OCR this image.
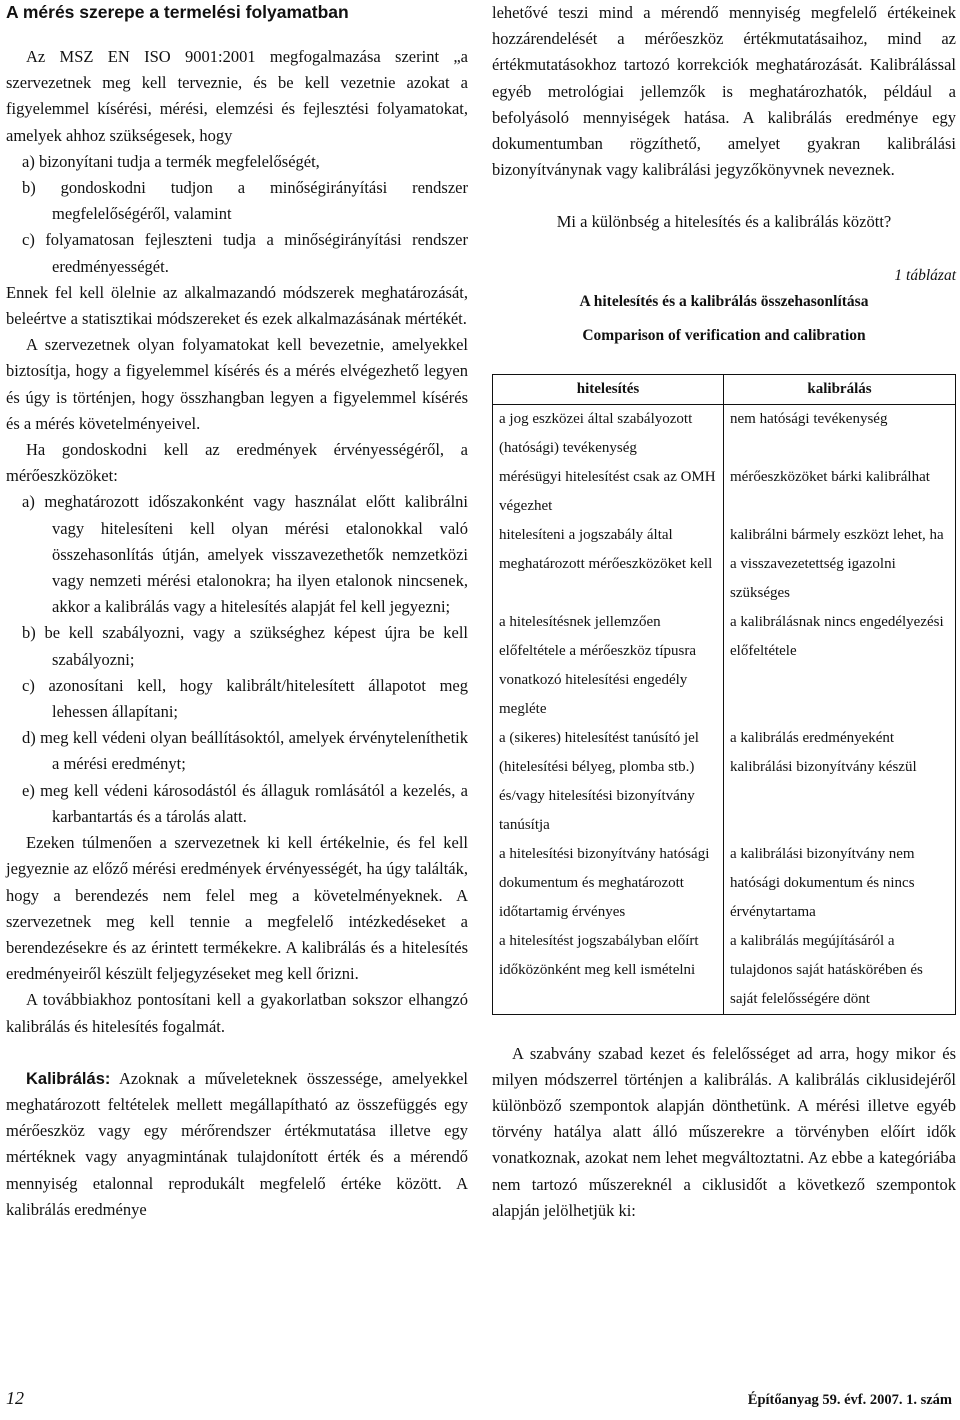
A mérés szerepe a termelési folyamatban

Az MSZ EN ISO 9001:2001 megfogalmazása szerint „a szervezetnek meg kell terveznie, és be kell vezetnie azokat a figyelemmel kísérési, mérési, elemzési és fejlesztési folyamatokat, amelyek ahhoz szükségesek, hogy

a) bizonyítani tudja a termék megfelelőségét,

b) gondoskodni tudjon a minőségirányítási rendszer megfelelőségéről, valamint

c) folyamatosan fejleszteni tudja a minőségirányítási rendszer eredményességét.

Ennek fel kell ölelnie az alkalmazandó módszerek meghatározását, beleértve a statisztikai módszereket és ezek alkalmazásának mértékét.

A szervezetnek olyan folyamatokat kell bevezetnie, amelyekkel biztosítja, hogy a figyelemmel kísérés és a mérés elvégezhető legyen és úgy is történjen, hogy összhangban legyen a figyelemmel kísérés és a mérés követelményeivel.

Ha gondoskodni kell az eredmények érvényességéről, a mérőeszközöket:

a) meghatározott időszakonként vagy használat előtt kalibrálni vagy hitelesíteni kell olyan mérési etalonokkal való összehasonlítás útján, amelyek visszavezethetők nemzetközi vagy nemzeti mérési etalonokra; ha ilyen etalonok nincsenek, akkor a kalibrálás vagy a hitelesítés alapját fel kell jegyezni;

b) be kell szabályozni, vagy a szükséghez képest újra be kell szabályozni;

c) azonosítani kell, hogy kalibrált/hitelesített állapotot meg lehessen állapítani;

d) meg kell védeni olyan beállításoktól, amelyek érvényteleníthetik a mérési eredményt;

e) meg kell védeni károsodástól és állaguk romlásától a kezelés, a karbantartás és a tárolás alatt.

Ezeken túlmenően a szervezetnek ki kell értékelnie, és fel kell jegyeznie az előző mérési eredmények érvényességét, ha úgy találták, hogy a berendezés nem felel meg a követelményeknek. A szervezetnek meg kell tennie a megfelelő intézkedéseket a berendezésekre és az érintett termékekre. A kalibrálás és a hitelesítés eredményeiről készült feljegyzéseket meg kell őrizni.

A továbbiakhoz pontosítani kell a gyakorlatban sokszor elhangzó kalibrálás és hitelesítés fogalmát.

Kalibrálás: Azoknak a műveleteknek összessége, amelyekkel meghatározott feltételek mellett megállapítható az összefüggés egy mérőeszköz vagy egy mérőrendszer értékmutatása illetve egy mértéknek vagy anyagmintának tulajdonított érték és a mérendő mennyiség etalonnal reprodukált megfelelő értéke között. A kalibrálás eredménye

lehetővé teszi mind a mérendő mennyiség megfelelő értékeinek hozzárendelését a mérőeszköz értékmutatásaihoz, mind az értékmutatásokhoz tartozó korrekciók meghatározását. Kalibrálással egyéb metrológiai jellemzők is meghatározhatók, például a befolyásoló mennyiségek hatása. A kalibrálás eredménye egy dokumentumban rögzíthető, amelyet gyakran kalibrálási bizonyítványnak vagy kalibrálási jegyzőkönyvnek neveznek.

Mi a különbség a hitelesítés és a kalibrálás között?

1 táblázat
A hitelesítés és a kalibrálás összehasonlítása
Comparison of verification and calibration
hitelesítés	kalibrálás
a jog eszközei által szabályozott (hatósági) tevékenység	nem hatósági tevékenység
mérésügyi hitelesítést csak az OMH végezhet	mérőeszközöket bárki kalibrálhat
hitelesíteni a jogszabály által meghatározott mérőeszközöket kell	kalibrálni bármely eszközt lehet, ha a visszavezetettség igazolni szükséges
a hitelesítésnek jellemzően előfeltétele a mérőeszköz típusra vonatkozó hitelesítési engedély megléte	a kalibrálásnak nincs engedélyezési előfeltétele
a (sikeres) hitelesítést tanúsító jel (hitelesítési bélyeg, plomba stb.) és/vagy hitelesítési bizonyítvány tanúsítja	a kalibrálás eredményeként kalibrálási bizonyítvány készül
a hitelesítési bizonyítvány hatósági dokumentum és meghatározott időtartamig érvényes	a kalibrálási bizonyítvány nem hatósági dokumentum és nincs érvénytartama
a hitelesítést jogszabályban előírt időközönként meg kell ismételni	a kalibrálás megújításáról a tulajdonos saját hatáskörében és saját felelősségére dönt

A szabvány szabad kezet és felelősséget ad arra, hogy mikor és milyen módszerrel történjen a kalibrálás. A kalibrálás ciklusidejéről különböző szempontok alapján dönthetünk. A mérési illetve egyéb törvény hatálya alatt álló műszerekre a törvényben előírt idők vonatkoznak, azokat nem lehet megváltoztatni. Az ebbe a kategóriába nem tartozó műszereknél a ciklusidőt a következő szempontok alapján jelölhetjük ki:

12	Építőanyag 59. évf. 2007. 1. szám
